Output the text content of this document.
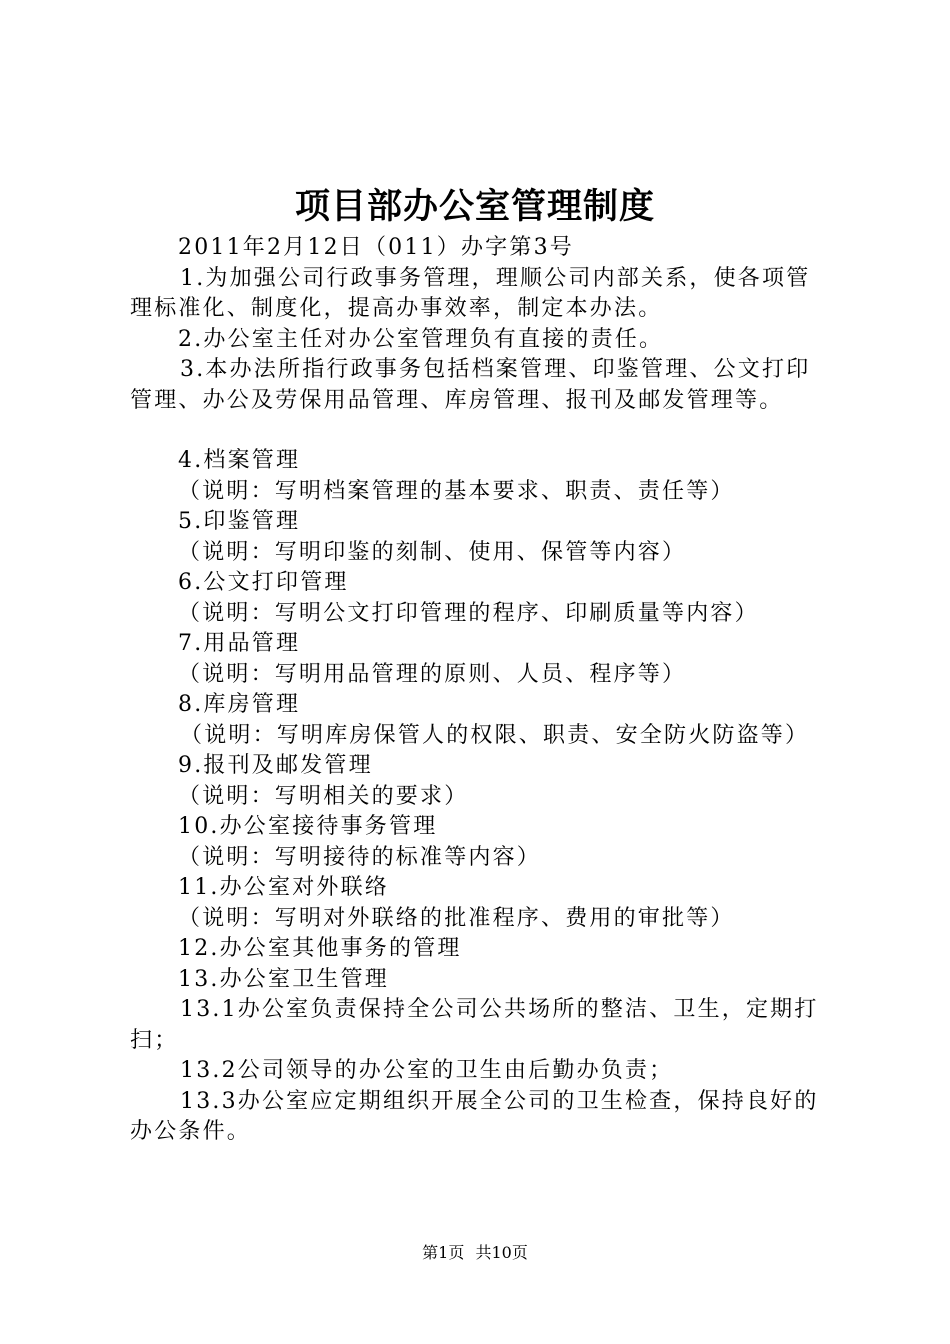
项目部办公室管理制度

2011年2月12日（011）办字第3号

1.为加强公司行政事务管理，理顺公司内部关系，使各项管理标准化、制度化，提高办事效率，制定本办法。

2.办公室主任对办公室管理负有直接的责任。

3.本办法所指行政事务包括档案管理、印鉴管理、公文打印管理、办公及劳保用品管理、库房管理、报刊及邮发管理等。

4.档案管理

（说明：写明档案管理的基本要求、职责、责任等）

5.印鉴管理

（说明：写明印鉴的刻制、使用、保管等内容）

6.公文打印管理

（说明：写明公文打印管理的程序、印刷质量等内容）

7.用品管理

（说明：写明用品管理的原则、人员、程序等）

8.库房管理

（说明：写明库房保管人的权限、职责、安全防火防盗等）

9.报刊及邮发管理

（说明：写明相关的要求）

10.办公室接待事务管理

（说明：写明接待的标准等内容）

11.办公室对外联络

（说明：写明对外联络的批准程序、费用的审批等）

12.办公室其他事务的管理

13.办公室卫生管理

13.1办公室负责保持全公司公共场所的整洁、卫生，定期打扫；

13.2公司领导的办公室的卫生由后勤办负责；

13.3办公室应定期组织开展全公司的卫生检查，保持良好的办公条件。

第1页 共10页
